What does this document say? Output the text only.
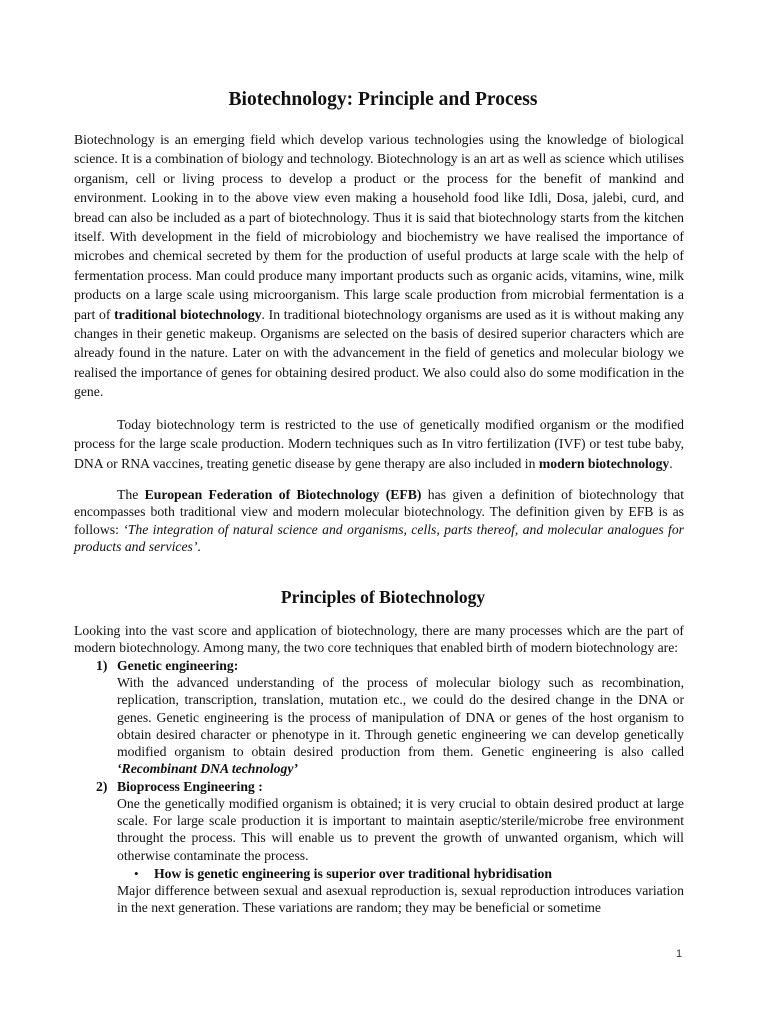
Biotechnology: Principle and Process

Biotechnology is an emerging field which develop various technologies using the knowledge of biological science. It is a combination of biology and technology. Biotechnology is an art as well as science which utilises organism, cell or living process to develop a product or the process for the benefit of mankind and environment. Looking in to the above view even making a household food like Idli, Dosa, jalebi, curd, and bread can also be included as a part of biotechnology. Thus it is said that biotechnology starts from the kitchen itself. With development in the field of microbiology and biochemistry we have realised the importance of microbes and chemical secreted by them for the production of useful products at large scale with the help of fermentation process. Man could produce many important products such as organic acids, vitamins, wine, milk products on a large scale using microorganism. This large scale production from microbial fermentation is a part of traditional biotechnology. In traditional biotechnology organisms are used as it is without making any changes in their genetic makeup. Organisms are selected on the basis of desired superior characters which are already found in the nature. Later on with the advancement in the field of genetics and molecular biology we realised the importance of genes for obtaining desired product. We also could also do some modification in the gene.

Today biotechnology term is restricted to the use of genetically modified organism or the modified process for the large scale production. Modern techniques such as In vitro fertilization (IVF) or test tube baby, DNA or RNA vaccines, treating genetic disease by gene therapy are also included in modern biotechnology.

The European Federation of Biotechnology (EFB) has given a definition of biotechnology that encompasses both traditional view and modern molecular biotechnology. The definition given by EFB is as follows: ‘The integration of natural science and organisms, cells, parts thereof, and molecular analogues for products and services’.

Principles of Biotechnology

Looking into the vast score and application of biotechnology, there are many processes which are the part of modern biotechnology. Among many, the two core techniques that enabled birth of modern biotechnology are:

1) Genetic engineering:

With the advanced understanding of the process of molecular biology such as recombination, replication, transcription, translation, mutation etc., we could do the desired change in the DNA or genes. Genetic engineering is the process of manipulation of DNA or genes of the host organism to obtain desired character or phenotype in it. Through genetic engineering we can develop genetically modified organism to obtain desired production from them. Genetic engineering is also called ‘Recombinant DNA technology’

2) Bioprocess Engineering :

One the genetically modified organism is obtained; it is very crucial to obtain desired product at large scale. For large scale production it is important to maintain aseptic/sterile/microbe free environment throught the process. This will enable us to prevent the growth of unwanted organism, which will otherwise contaminate the process.

• How is genetic engineering is superior over traditional hybridisation

Major difference between sexual and asexual reproduction is, sexual reproduction introduces variation in the next generation. These variations are random; they may be beneficial or sometime

1
